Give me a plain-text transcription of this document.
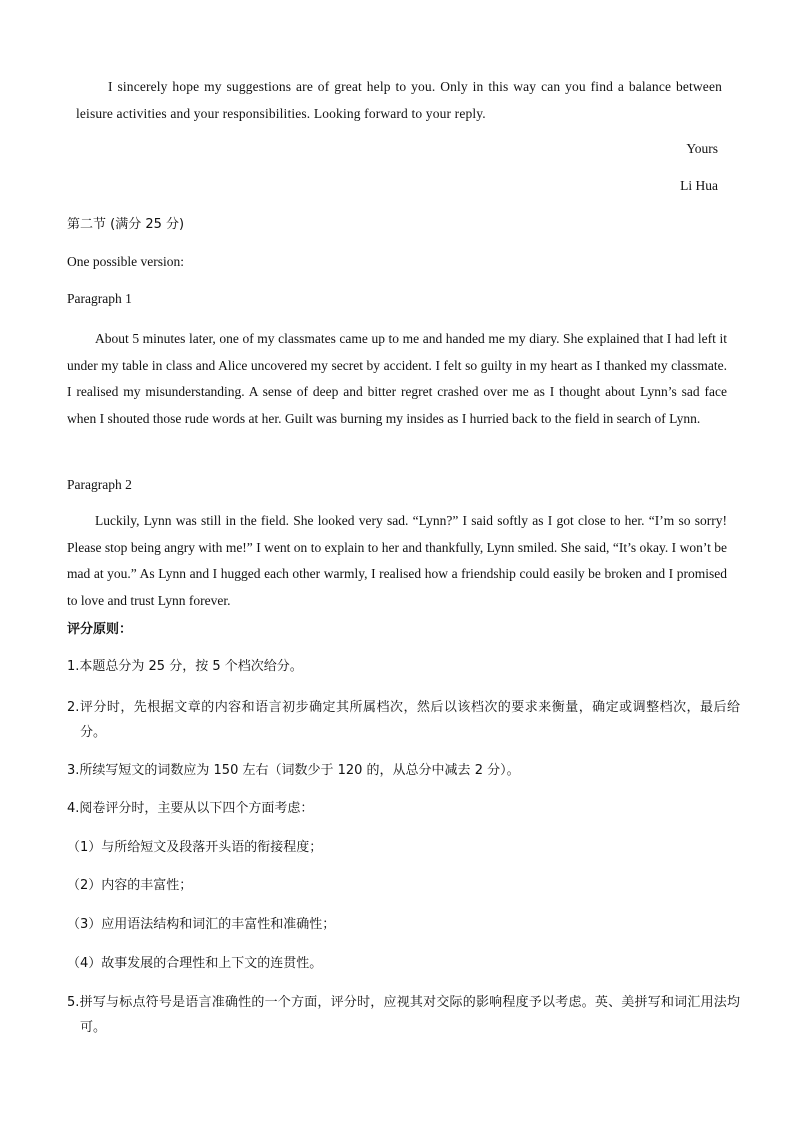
I sincerely hope my suggestions are of great help to you. Only in this way can you find a balance between leisure activities and your responsibilities. Looking forward to your reply.

Yours

Li Hua

第二节 (满分 25 分)

One possible version:

Paragraph 1

About 5 minutes later, one of my classmates came up to me and handed me my diary. She explained that I had left it under my table in class and Alice uncovered my secret by accident. I felt so guilty in my heart as I thanked my classmate. I realised my misunderstanding. A sense of deep and bitter regret crashed over me as I thought about Lynn’s sad face when I shouted those rude words at her. Guilt was burning my insides as I hurried back to the field in search of Lynn.

Paragraph 2

Luckily, Lynn was still in the field. She looked very sad. “Lynn?” I said softly as I got close to her. “I’m so sorry! Please stop being angry with me!” I went on to explain to her and thankfully, Lynn smiled. She said, “It’s okay. I won’t be mad at you.” As Lynn and I hugged each other warmly, I realised how a friendship could easily be broken and I promised to love and trust Lynn forever.

评分原则：

1.本题总分为 25 分，按 5 个档次给分。

2.评分时，先根据文章的内容和语言初步确定其所属档次，然后以该档次的要求来衡量，确定或调整档次，最后给分。

3.所续写短文的词数应为 150 左右（词数少于 120 的，从总分中减去 2 分）。

4.阅卷评分时，主要从以下四个方面考虑：

（1）与所给短文及段落开头语的衔接程度；

（2）内容的丰富性；

（3）应用语法结构和词汇的丰富性和准确性；

（4）故事发展的合理性和上下文的连贯性。

5.拼写与标点符号是语言准确性的一个方面，评分时，应视其对交际的影响程度予以考虑。英、美拼写和词汇用法均可。
